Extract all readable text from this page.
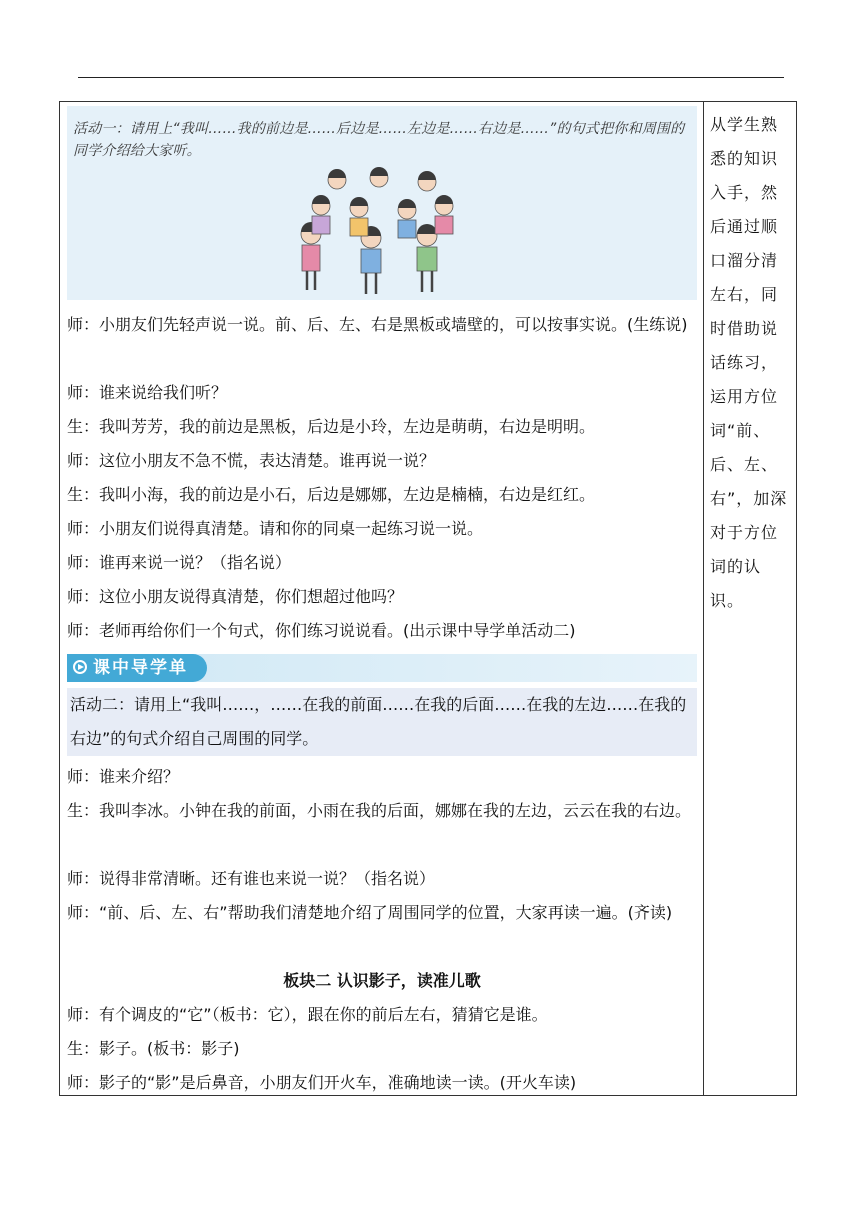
活动一：请用上“我叫……我的前边是……后边是……左边是……右边是……”的句式把你和周围的同学介绍给大家听。
师：小朋友们先轻声说一说。前、后、左、右是黑板或墙壁的，可以按事实说。(生练说)
师：谁来说给我们听？
生：我叫芳芳，我的前边是黑板，后边是小玲，左边是萌萌，右边是明明。
师：这位小朋友不急不慌，表达清楚。谁再说一说？
生：我叫小海，我的前边是小石，后边是娜娜，左边是楠楠，右边是红红。
师：小朋友们说得真清楚。请和你的同桌一起练习说一说。
师：谁再来说一说？（指名说）
师：这位小朋友说得真清楚，你们想超过他吗？
师：老师再给你们一个句式，你们练习说说看。(出示课中导学单活动二)
课中导学单
活动二：请用上“我叫……，……在我的前面……在我的后面……在我的左边……在我的右边”的句式介绍自己周围的同学。
师：谁来介绍？
生：我叫李冰。小钟在我的前面，小雨在我的后面，娜娜在我的左边，云云在我的右边。
师：说得非常清晰。还有谁也来说一说？（指名说）
师：“前、后、左、右”帮助我们清楚地介绍了周围同学的位置，大家再读一遍。(齐读)
板块二 认识影子，读准儿歌
师：有个调皮的“它”（板书：它），跟在你的前后左右，猜猜它是谁。
生：影子。(板书：影子)
师：影子的“影”是后鼻音，小朋友们开火车，准确地读一读。(开火车读)
从学生熟悉的知识入手，然后通过顺口溜分清左右，同时借助说话练习，运用方位词“前、后、左、右”，加深对于方位词的认识。
